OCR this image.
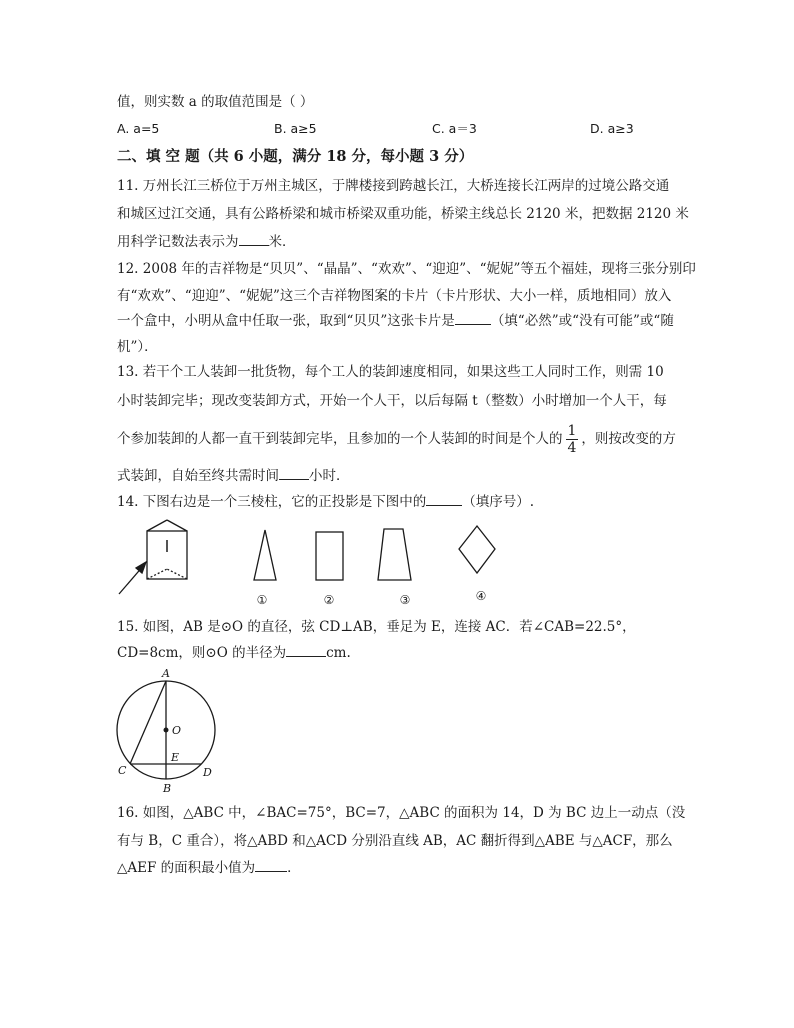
值，则实数 a 的取值范围是（ ）
A. a=5	B. a≥5	C. a＝3	D. a≥3
二、填 空 题（共 6 小题，满分 18 分，每小题 3 分）
11. 万州长江三桥位于万州主城区，于牌楼接到跨越长江，大桥连接长江两岸的过境公路交通
和城区过江交通，具有公路桥梁和城市桥梁双重功能，桥梁主线总长 2120 米，把数据 2120 米
用科学记数法表示为 米．
12. 2008 年的吉祥物是“贝贝”、“晶晶”、“欢欢”、“迎迎”、“妮妮”等五个福娃，现将三张分别印
有“欢欢”、“迎迎”、“妮妮”这三个吉祥物图案的卡片（卡片形状、大小一样，质地相同）放入
一个盒中，小明从盒中任取一张，取到“贝贝”这张卡片是	（填“必然”或“没有可能”或“随
机”）．
13. 若干个工人装卸一批货物，每个工人的装卸速度相同，如果这些工人同时工作，则需 10
小时装卸完毕；现改变装卸方式，开始一个人干，以后每隔 t（整数）小时增加一个人干，每
个参加装卸的人都一直干到装卸完毕，且参加的一个人装卸的时间是个人的 $\frac{1}{4}$ ，则按改变的方
式装卸，自始至终共需时间 小时．
14. 下图右边是一个三棱柱，它的正投影是下图中的	（填序号）.
①	②	③	④
15. 如图，AB 是⊙O 的直径，弦 CD⊥AB，垂足为 E，连接 AC．若∠CAB=22.5°，
CD=8cm，则⊙O 的半径为	cm.
A
O
E
C	D
B
16. 如图，△ABC 中，∠BAC=75°，BC=7，△ABC 的面积为 14，D 为 BC 边上一动点（没
有与 B，C 重合），将△ABD 和△ACD 分别沿直线 AB，AC 翻折得到△ABE 与△ACF，那么
△AEF 的面积最小值为 ．
